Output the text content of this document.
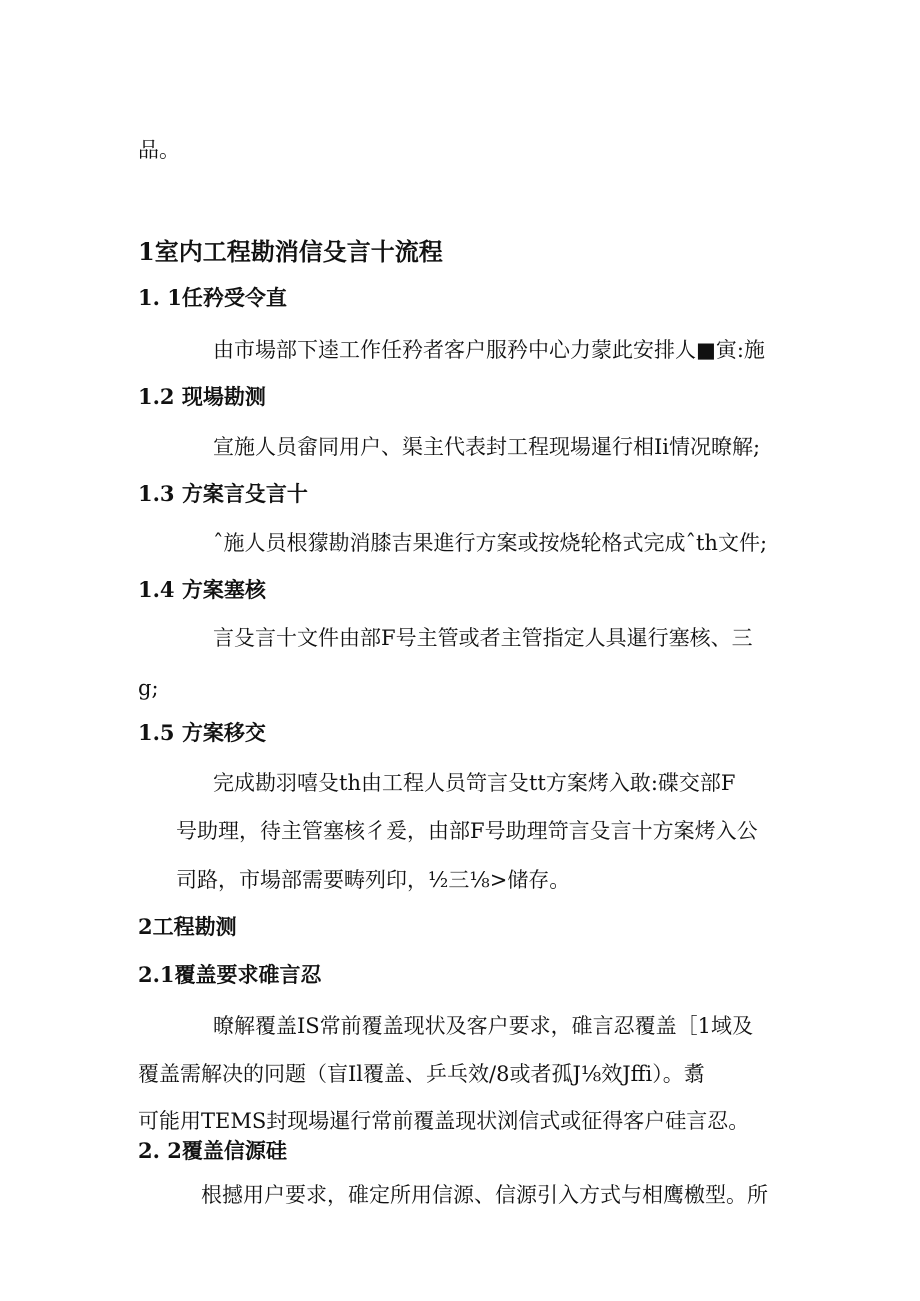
品。

1室内工程勘消信殳言十流程
1. 1任矜受令直

由市場部下逵工作任矜者客户服矜中心力蒙此安排人■寅:施

1.2 现場勘测

宣施人员畲同用户、渠主代表封工程现場暹行相Ii情况暸解;

1.3 方案言殳言十

ˆ施人员根獴勘消膝吉果進行方案或按烧轮格式完成ˆth文件;

1.4 方案塞核

言殳言十文件由部F号主管或者主管指定人具暹行塞核、三

g;

1.5 方案移交

完成勘羽嘻殳th由工程人员笴言殳tt方案烤入敢:碟交部F

号助理，待主管塞核彳爰，由部F号助理笴言殳言十方案烤入公

司路，市場部需要畴列印，½三⅛>储存。

2工程勘测
2.1覆盖要求碓言忍

暸解覆盖IS常前覆盖现状及客户要求，碓言忍覆盖［1域及

覆盖需解决的冋题（盲Il覆盖、乒乓效/8或者孤J⅛效Jffi）。翥

可能用TEMS封现場暹行常前覆盖现状浏信式或征得客户硅言忍。

2. 2覆盖信源硅

根撼用户要求，碓定所用信源、信源引入方式与相鹰檄型。所
